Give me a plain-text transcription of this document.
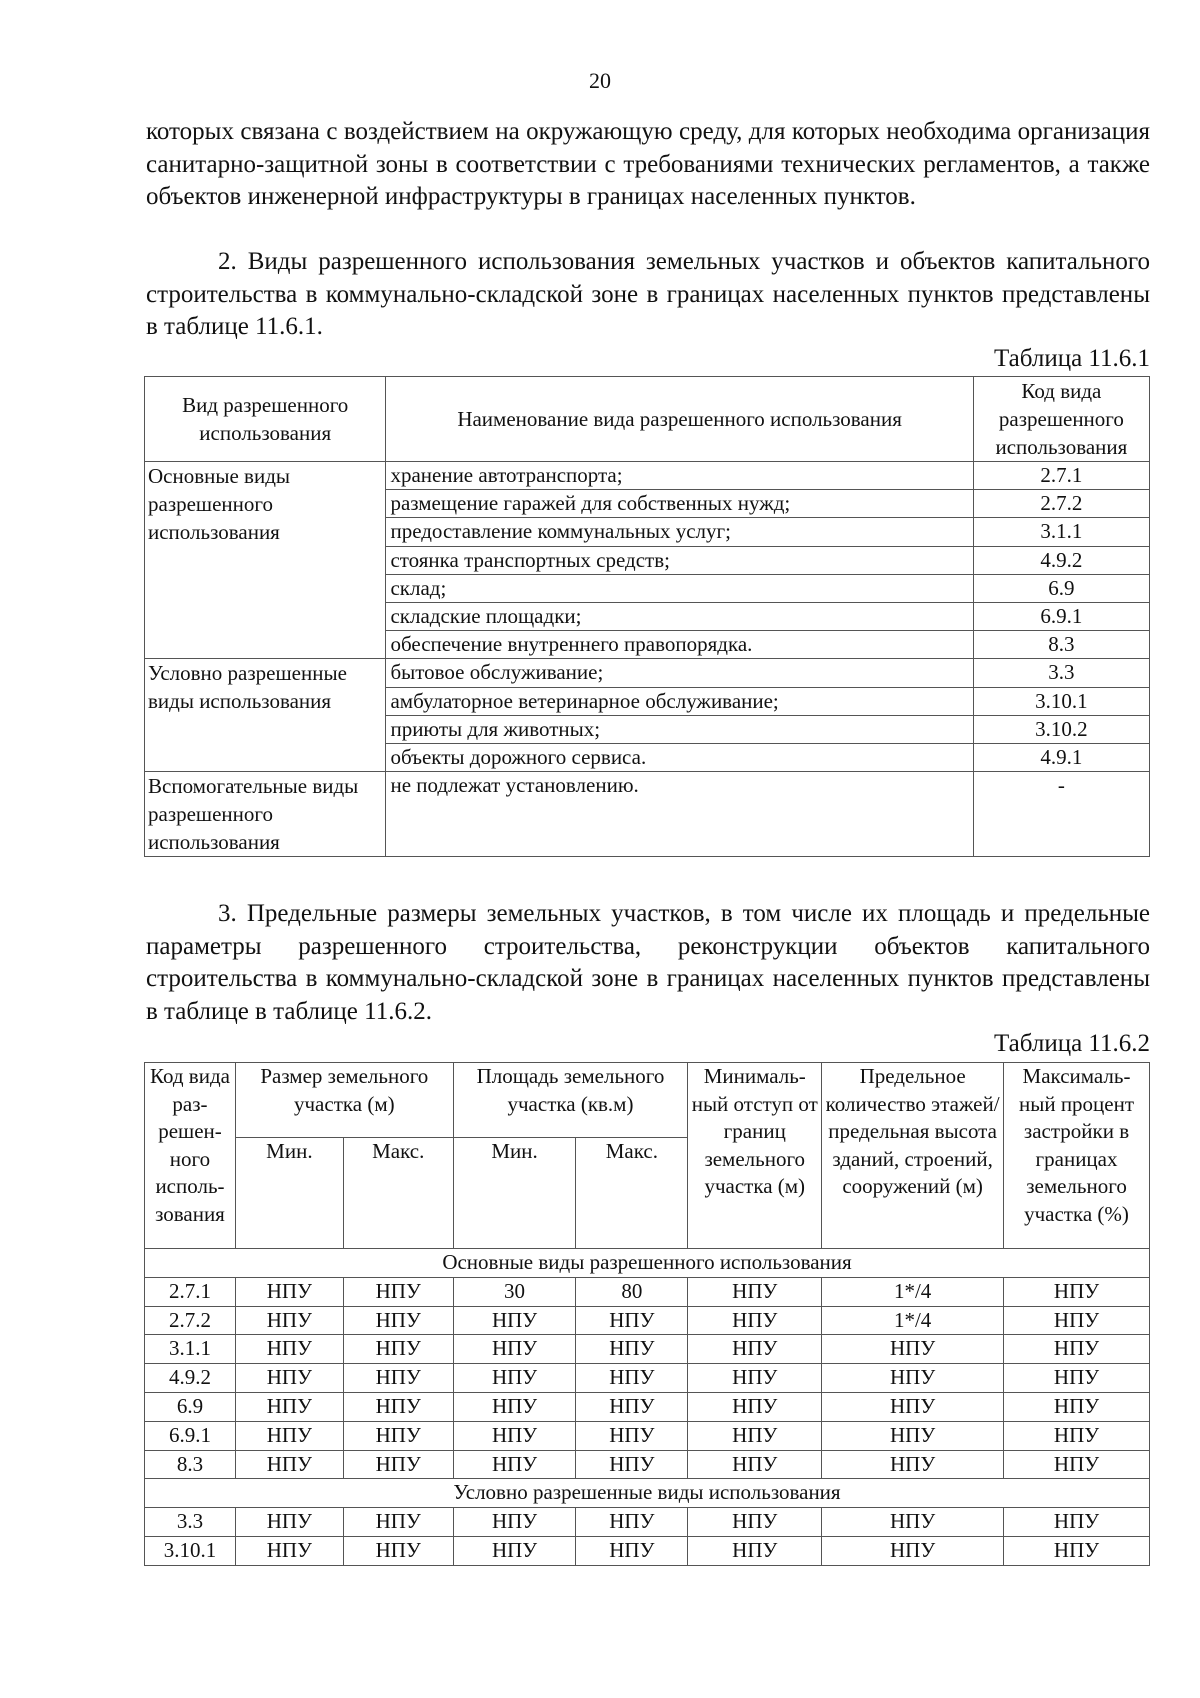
20
которых связана с воздействием на окружающую среду, для которых необходима организация санитарно-защитной зоны в соответствии с требованиями технических регламентов, а также объектов инженерной инфраструктуры в границах населенных пунктов.
2. Виды разрешенного использования земельных участков и объектов капитального строительства в коммунально-складской зоне в границах населенных пунктов представлены в таблице 11.6.1.
Таблица 11.6.1
Вид разрешенного использования	Наименование вида разрешенного использования	Код вида разрешенного использования
Основные виды разрешенного использования	хранение автотранспорта;	2.7.1
	размещение гаражей для собственных нужд;	2.7.2
	предоставление коммунальных услуг;	3.1.1
	стоянка транспортных средств;	4.9.2
	склад;	6.9
	складские площадки;	6.9.1
	обеспечение внутреннего правопорядка.	8.3
Условно разрешенные виды использования	бытовое обслуживание;	3.3
	амбулаторное ветеринарное обслуживание;	3.10.1
	приюты для животных;	3.10.2
	объекты дорожного сервиса.	4.9.1
Вспомогательные виды разрешенного использования	не подлежат установлению.	-
3. Предельные размеры земельных участков, в том числе их площадь и предельные параметры разрешенного строительства, реконструкции объектов капитального строительства в коммунально-складской зоне в границах населенных пунктов представлены в таблице в таблице 11.6.2.
Таблица 11.6.2
Код вида раз-решен-ного исполь-зования	Размер земельного участка (м)		Площадь земельного участка (кв.м)		Минималь-ный отступ от границ земельного участка (м)	Предельное количество этажей/ предельная высота зданий, строений, сооружений (м)	Максималь-ный процент застройки в границах земельного участка (%)
	Мин.	Макс.	Мин.	Макс.			
Основные виды разрешенного использования							
2.7.1	НПУ	НПУ	30	80	НПУ	1*/4	НПУ
2.7.2	НПУ	НПУ	НПУ	НПУ	НПУ	1*/4	НПУ
3.1.1	НПУ	НПУ	НПУ	НПУ	НПУ	НПУ	НПУ
4.9.2	НПУ	НПУ	НПУ	НПУ	НПУ	НПУ	НПУ
6.9	НПУ	НПУ	НПУ	НПУ	НПУ	НПУ	НПУ
6.9.1	НПУ	НПУ	НПУ	НПУ	НПУ	НПУ	НПУ
8.3	НПУ	НПУ	НПУ	НПУ	НПУ	НПУ	НПУ
Условно разрешенные виды использования							
3.3	НПУ	НПУ	НПУ	НПУ	НПУ	НПУ	НПУ
3.10.1	НПУ	НПУ	НПУ	НПУ	НПУ	НПУ	НПУ
